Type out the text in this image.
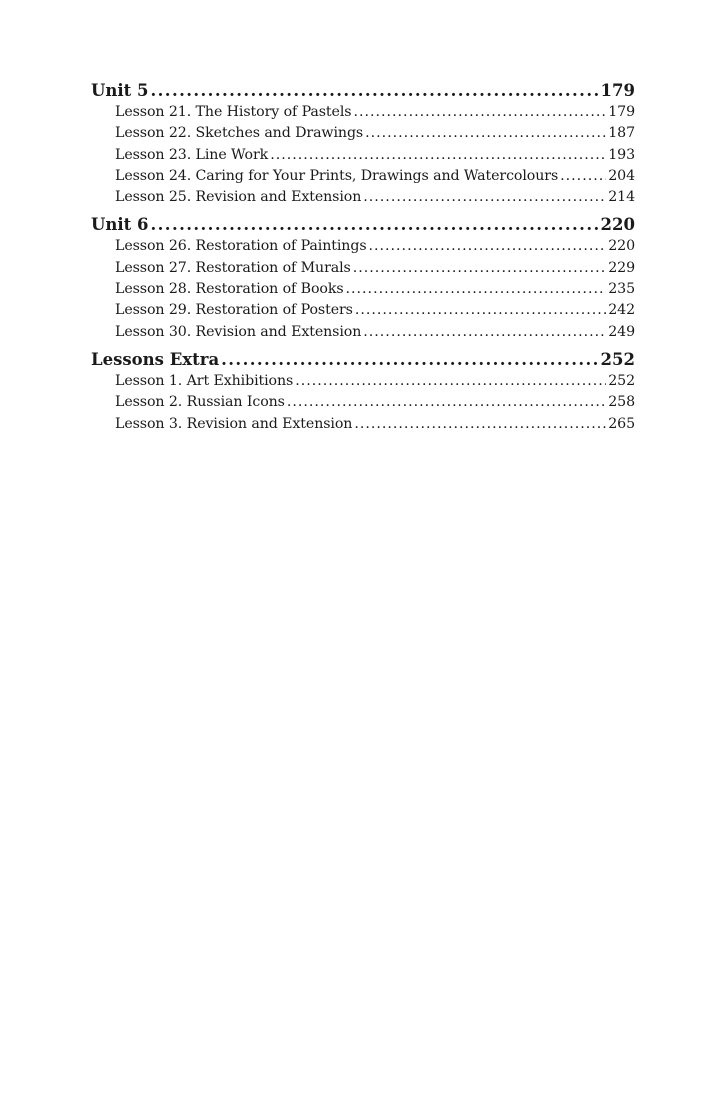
Unit 5 .....	179
Lesson 21. The History of Pastels .....	179
Lesson 22. Sketches and Drawings .....	187
Lesson 23. Line Work .....	193
Lesson 24. Caring for Your Prints, Drawings and Watercolours .....	204
Lesson 25. Revision and Extension .....	214
Unit 6 .....	220
Lesson 26. Restoration of Paintings .....	220
Lesson 27. Restoration of Murals .....	229
Lesson 28. Restoration of Books .....	235
Lesson 29. Restoration of Posters .....	242
Lesson 30. Revision and Extension .....	249
Lessons Extra .....	252
Lesson 1. Art Exhibitions .....	252
Lesson 2. Russian Icons .....	258
Lesson 3. Revision and Extension .....	265
